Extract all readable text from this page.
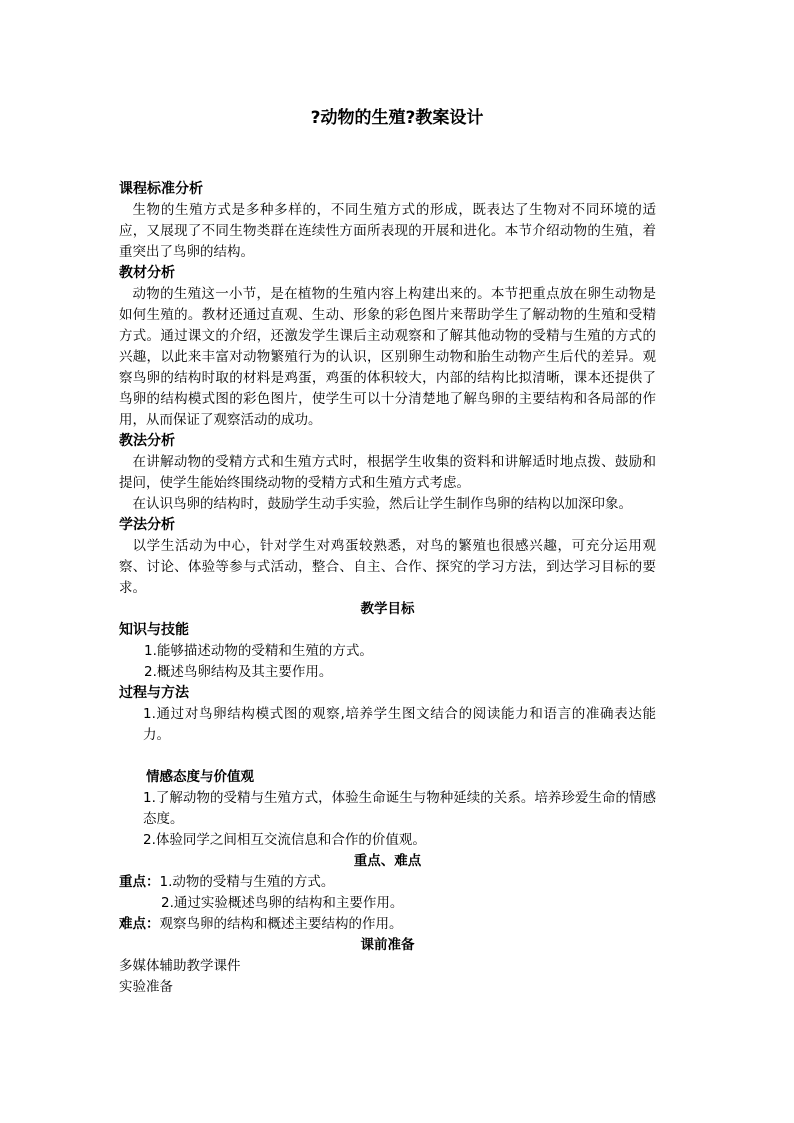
?动物的生殖?教案设计
课程标准分析
生物的生殖方式是多种多样的，不同生殖方式的形成，既表达了生物对不同环境的适应，又展现了不同生物类群在连续性方面所表现的开展和进化。本节介绍动物的生殖，着重突出了鸟卵的结构。
教材分析
动物的生殖这一小节，是在植物的生殖内容上构建出来的。本节把重点放在卵生动物是如何生殖的。教材还通过直观、生动、形象的彩色图片来帮助学生了解动物的生殖和受精方式。通过课文的介绍，还激发学生课后主动观察和了解其他动物的受精与生殖的方式的兴趣，以此来丰富对动物繁殖行为的认识，区别卵生动物和胎生动物产生后代的差异。观察鸟卵的结构时取的材料是鸡蛋，鸡蛋的体积较大，内部的结构比拟清晰，课本还提供了鸟卵的结构模式图的彩色图片，使学生可以十分清楚地了解鸟卵的主要结构和各局部的作用，从而保证了观察活动的成功。
教法分析
在讲解动物的受精方式和生殖方式时，根据学生收集的资料和讲解适时地点拨、鼓励和提问，使学生能始终围绕动物的受精方式和生殖方式考虑。
在认识鸟卵的结构时，鼓励学生动手实验，然后让学生制作鸟卵的结构以加深印象。
学法分析
以学生活动为中心，针对学生对鸡蛋较熟悉，对鸟的繁殖也很感兴趣，可充分运用观察、讨论、体验等参与式活动，整合、自主、合作、探究的学习方法，到达学习目标的要求。
教学目标
知识与技能
1.能够描述动物的受精和生殖的方式。
2.概述鸟卵结构及其主要作用。
过程与方法
1.通过对鸟卵结构模式图的观察,培养学生图文结合的阅读能力和语言的准确表达能力。
情感态度与价值观
1.了解动物的受精与生殖方式，体验生命诞生与物种延续的关系。培养珍爱生命的情感态度。
2.体验同学之间相互交流信息和合作的价值观。
重点、难点
重点：1.动物的受精与生殖的方式。
2.通过实验概述鸟卵的结构和主要作用。
难点：观察鸟卵的结构和概述主要结构的作用。
课前准备
多媒体辅助教学课件
实验准备
